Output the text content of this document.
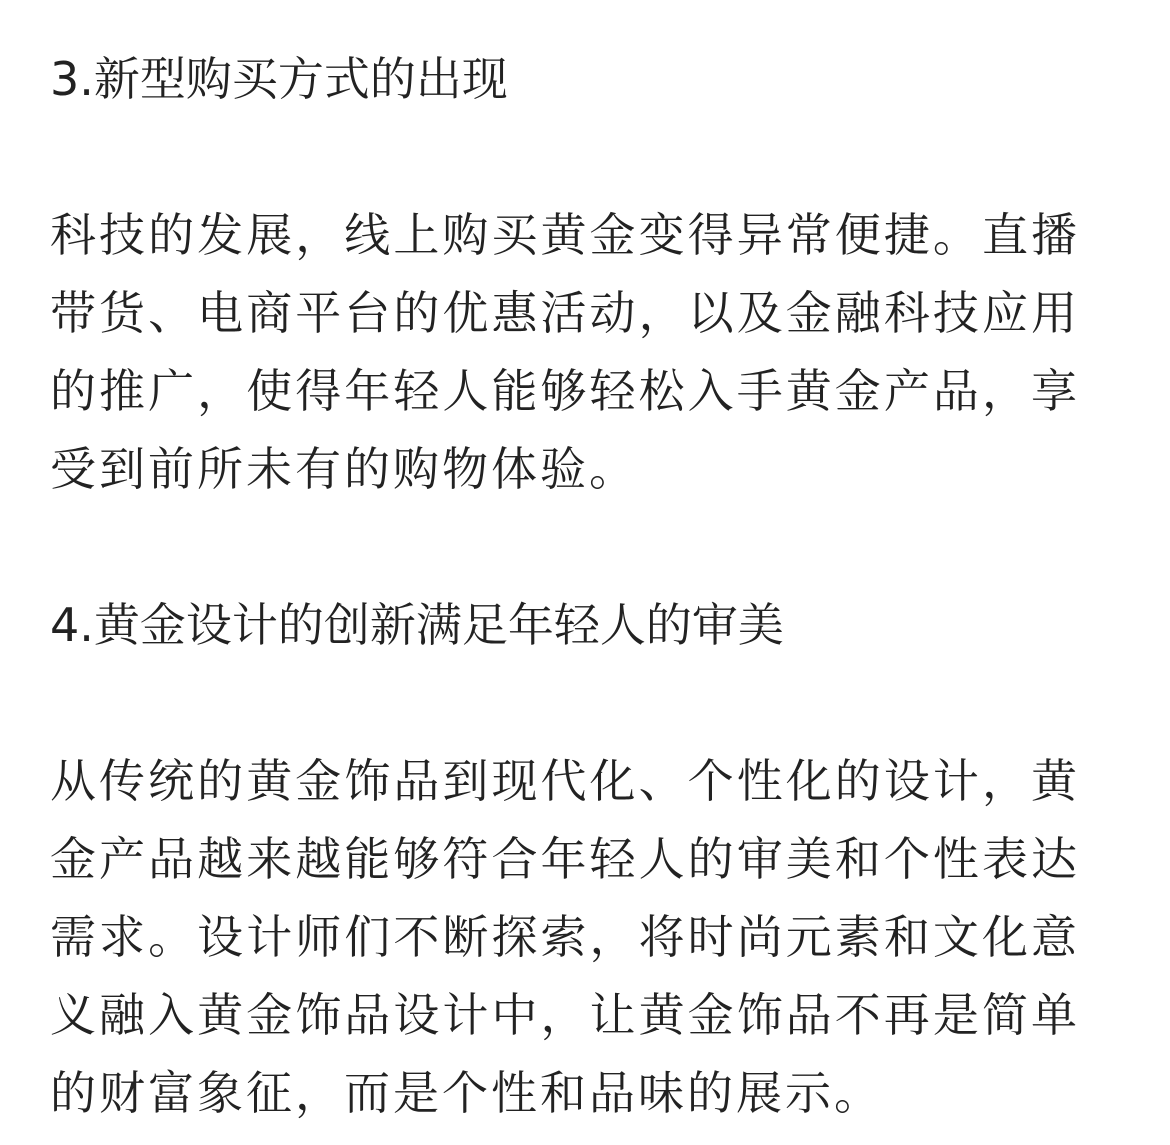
3.新型购买方式的出现

科技的发展，线上购买黄金变得异常便捷。直播带货、电商平台的优惠活动，以及金融科技应用的推广，使得年轻人能够轻松入手黄金产品，享受到前所未有的购物体验。

4.黄金设计的创新满足年轻人的审美

从传统的黄金饰品到现代化、个性化的设计，黄金产品越来越能够符合年轻人的审美和个性表达需求。设计师们不断探索，将时尚元素和文化意义融入黄金饰品设计中，让黄金饰品不再是简单的财富象征，而是个性和品味的展示。
